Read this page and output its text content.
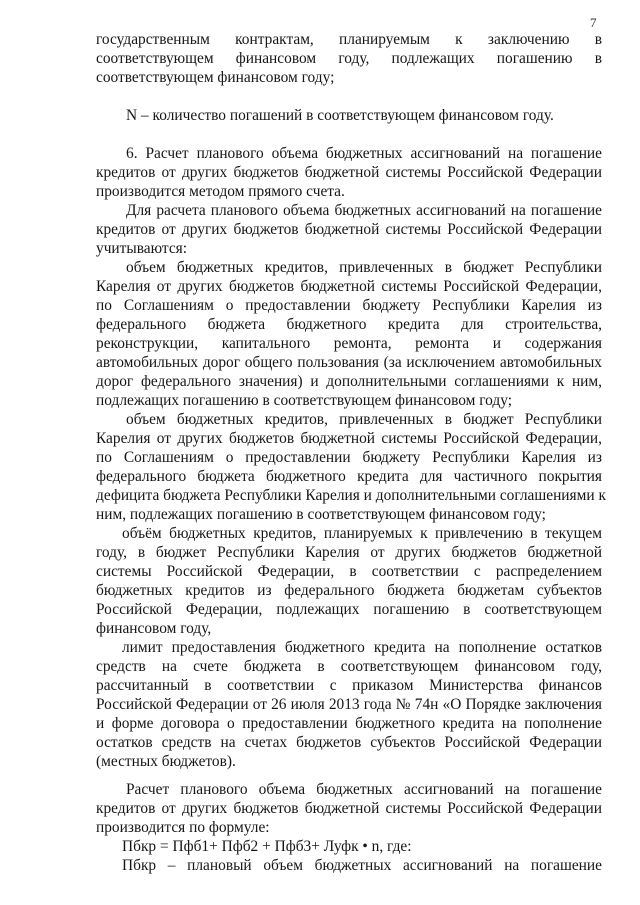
7
государственным контрактам, планируемым к заключению в
соответствующем финансовом году, подлежащих погашению в
соответствующем финансовом году;
N – количество погашений в соответствующем финансовом году.
6. Расчет планового объема бюджетных ассигнований на погашение
кредитов от других бюджетов бюджетной системы Российской Федерации
производится методом прямого счета.
Для расчета планового объема бюджетных ассигнований на погашение
кредитов от других бюджетов бюджетной системы Российской Федерации
учитываются:
объем бюджетных кредитов, привлеченных в бюджет Республики
Карелия от других бюджетов бюджетной системы Российской Федерации,
по Соглашениям о предоставлении бюджету Республики Карелия из
федерального бюджета бюджетного кредита для строительства,
реконструкции, капитального ремонта, ремонта и содержания
автомобильных дорог общего пользования (за исключением автомобильных
дорог федерального значения) и дополнительными соглашениями к ним,
подлежащих погашению в соответствующем финансовом году;
объем бюджетных кредитов, привлеченных в бюджет Республики
Карелия от других бюджетов бюджетной системы Российской Федерации,
по Соглашениям о предоставлении бюджету Республики Карелия из
федерального бюджета бюджетного кредита для частичного покрытия
дефицита бюджета Республики Карелия и дополнительными соглашениями к
ним, подлежащих погашению в соответствующем финансовом году;
объём бюджетных кредитов, планируемых к привлечению в текущем
году, в бюджет Республики Карелия от других бюджетов бюджетной
системы Российской Федерации, в соответствии с распределением
бюджетных кредитов из федерального бюджета бюджетам субъектов
Российской Федерации, подлежащих погашению в соответствующем
финансовом году,
лимит предоставления бюджетного кредита на пополнение остатков
средств на счете бюджета в соответствующем финансовом году,
рассчитанный в соответствии с приказом Министерства финансов
Российской Федерации от 26 июля 2013 года № 74н «О Порядке заключения
и форме договора о предоставлении бюджетного кредита на пополнение
остатков средств на счетах бюджетов субъектов Российской Федерации
(местных бюджетов).
Расчет планового объема бюджетных ассигнований на погашение
кредитов от других бюджетов бюджетной системы Российской Федерации
производится по формуле:
Пбкр = Пфб1+ Пфб2 + Пфб3+ Луфк • n, где:
Пбкр – плановый объем бюджетных ассигнований на погашение
